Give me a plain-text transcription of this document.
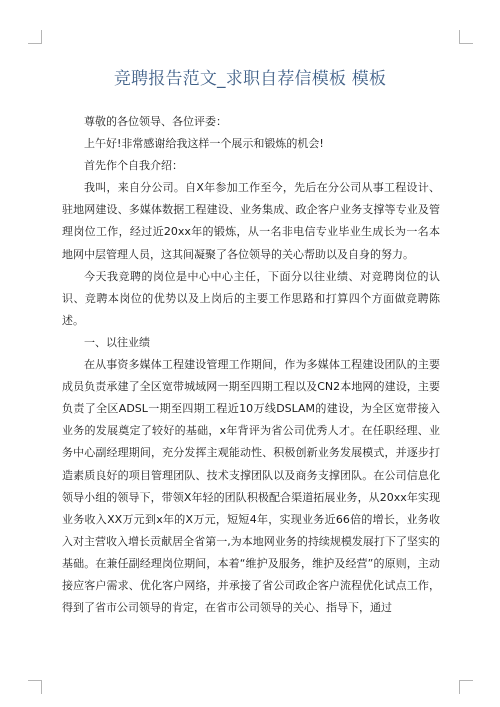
竞聘报告范文_求职自荐信模板 模板

尊敬的各位领导、各位评委：

上午好!非常感谢给我这样一个展示和锻炼的机会!

首先作个自我介绍：

我叫，来自分公司。自Ⅹ年参加工作至今，先后在分公司从事工程设计、驻地网建设、多媒体数据工程建设、业务集成、政企客户业务支撑等专业及管理岗位工作，经过近20xx年的锻炼，从一名非电信专业毕业生成长为一名本地网中层管理人员，这其间凝聚了各位领导的关心帮助以及自身的努力。

今天我竞聘的岗位是中心中心主任，下面分以往业绩、对竞聘岗位的认识、竞聘本岗位的优势以及上岗后的主要工作思路和打算四个方面做竞聘陈述。

一、以往业绩

在从事资多媒体工程建设管理工作期间，作为多媒体工程建设团队的主要成员负责承建了全区宽带城域网一期至四期工程以及CN2本地网的建设，主要负责了全区ADSL一期至四期工程近10万线DSLAM的建设，为全区宽带接入业务的发展奠定了较好的基础，x年背评为省公司优秀人才。在任职经理、业务中心副经理期间，充分发挥主观能动性、积极创新业务发展模式，并逐步打造素质良好的项目管理团队、技术支撑团队以及商务支撑团队。在公司信息化领导小组的领导下，带领X年轻的团队积极配合渠道拓展业务，从20xx年实现业务收入XX万元到x年的X万元，短短4年，实现业务近66倍的增长，业务收入对主营收入增长贡献居全省第一,为本地网业务的持续规模发展打下了坚实的基础。在兼任副经理岗位期间，本着“维护及服务，维护及经营”的原则，主动接应客户需求、优化客户网络，并承接了省公司政企客户流程优化试点工作，得到了省市公司领导的肯定，在省市公司领导的关心、指导下，通过
